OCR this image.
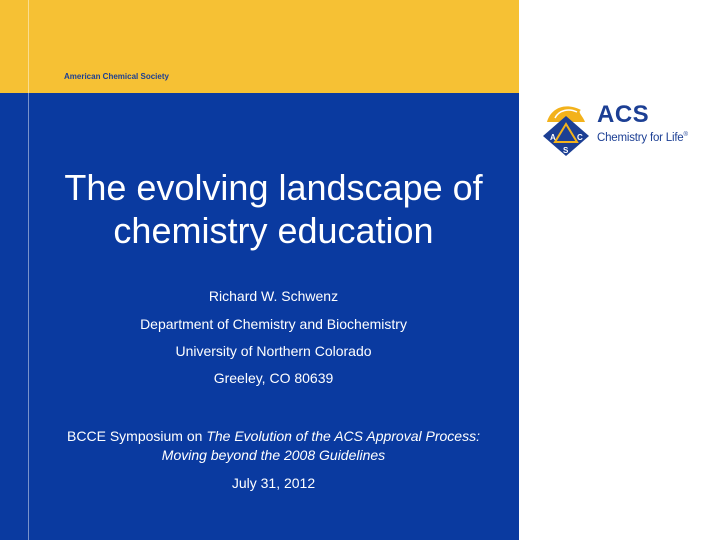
American Chemical Society
A	C
S
ACS
Chemistry for Life®
The evolving landscape of
chemistry education
Richard W. Schwenz
Department of Chemistry and Biochemistry
University of Northern Colorado
Greeley, CO 80639
BCCE Symposium on The Evolution of the ACS Approval Process: Moving beyond the 2008 Guidelines
July 31, 2012
